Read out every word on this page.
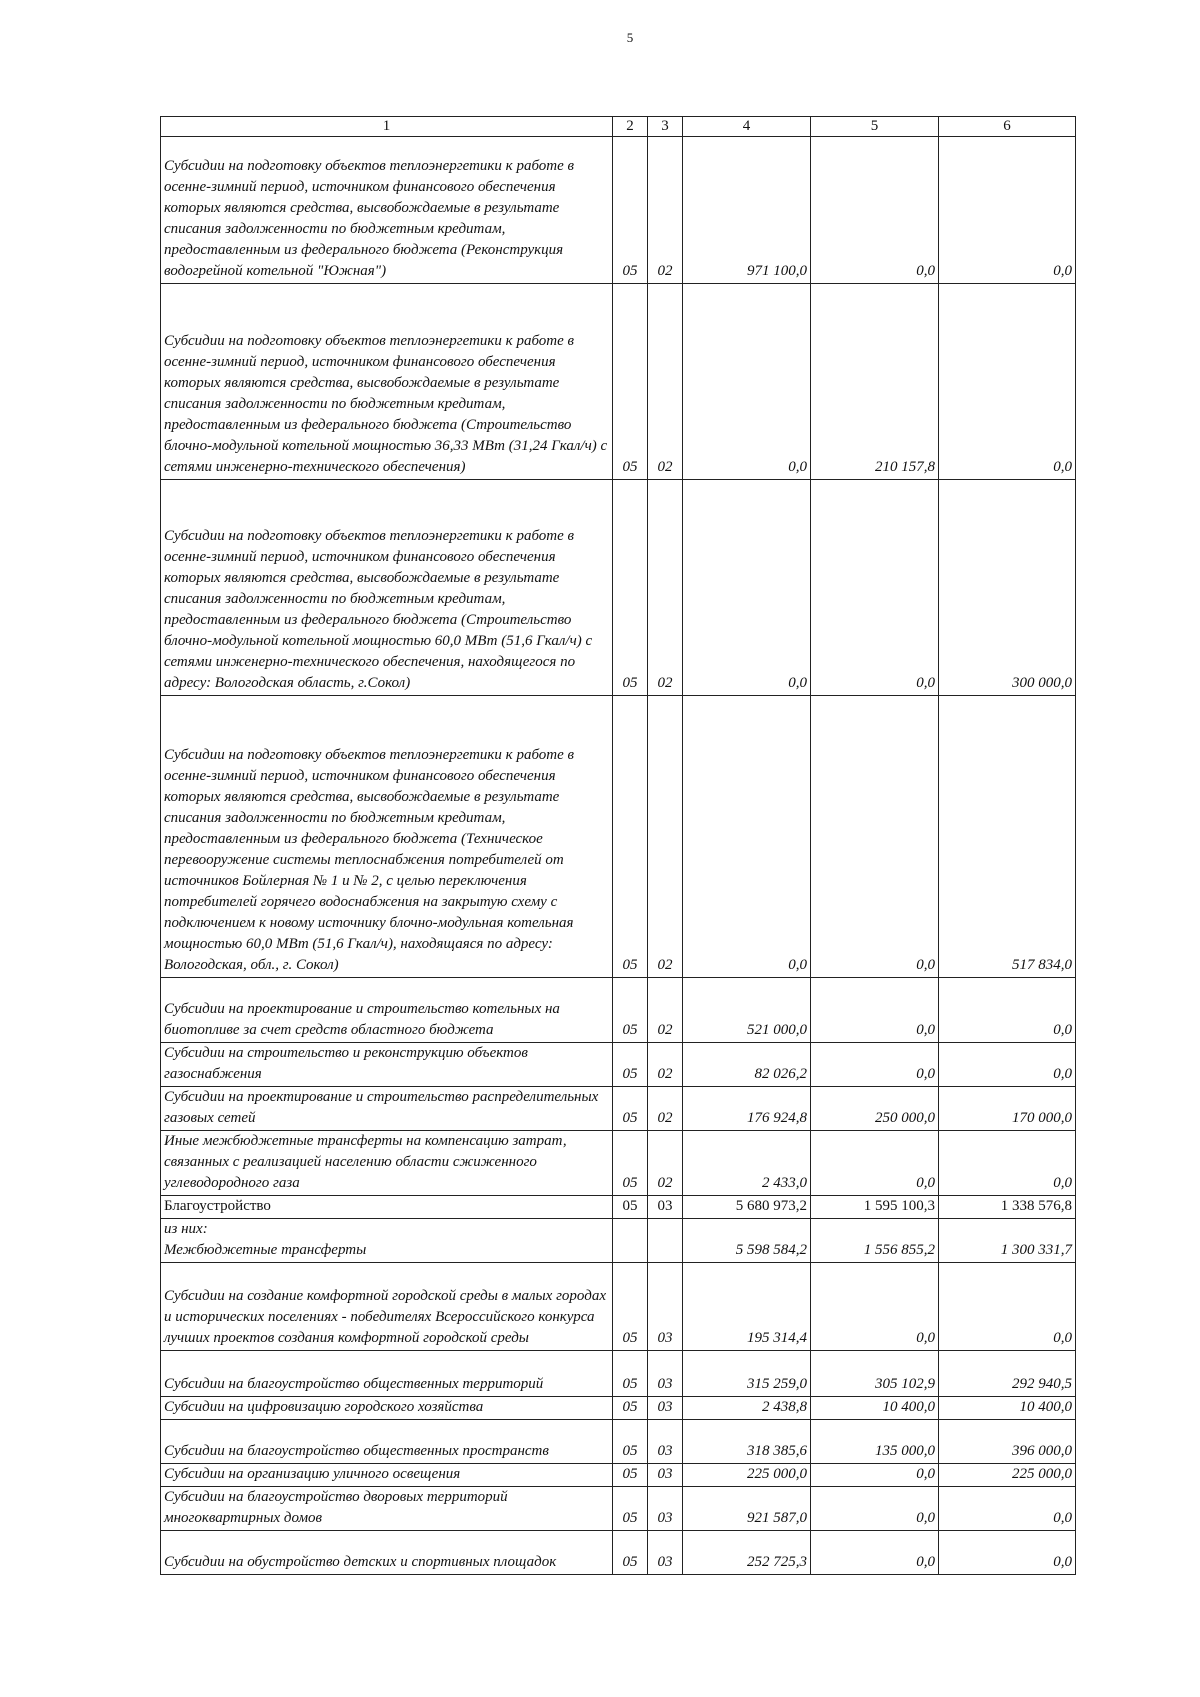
5
1	2	3	4	5	6
Субсидии на подготовку объектов теплоэнергетики к работе в осенне-зимний период, источником финансового обеспечения которых являются средства, высвобождаемые в результате списания задолженности по бюджетным кредитам, предоставленным из федерального бюджета (Реконструкция водогрейной котельной "Южная")	05	02	971 100,0	0,0	0,0
Субсидии на подготовку объектов теплоэнергетики к работе в осенне-зимний период, источником финансового обеспечения которых являются средства, высвобождаемые в результате списания задолженности по бюджетным кредитам, предоставленным из федерального бюджета (Строительство блочно-модульной котельной мощностью 36,33 МВт (31,24 Гкал/ч) с сетями инженерно-технического обеспечения)	05	02	0,0	210 157,8	0,0
Субсидии на подготовку объектов теплоэнергетики к работе в осенне-зимний период, источником финансового обеспечения которых являются средства, высвобождаемые в результате списания задолженности по бюджетным кредитам, предоставленным из федерального бюджета (Строительство блочно-модульной котельной мощностью 60,0 МВт (51,6 Гкал/ч) с сетями инженерно-технического обеспечения, находящегося по адресу: Вологодская область, г.Сокол)	05	02	0,0	0,0	300 000,0
Субсидии на подготовку объектов теплоэнергетики к работе в осенне-зимний период, источником финансового обеспечения которых являются средства, высвобождаемые в результате списания задолженности по бюджетным кредитам, предоставленным из федерального бюджета (Техническое перевооружение системы теплоснабжения потребителей от источников Бойлерная № 1 и № 2, с целью переключения потребителей горячего водоснабжения на закрытую схему с подключением к новому источнику блочно-модульная котельная мощностью 60,0 МВт (51,6 Гкал/ч), находящаяся по адресу: Вологодская, обл., г. Сокол)	05	02	0,0	0,0	517 834,0
Субсидии на проектирование и строительство котельных на биотопливе за счет средств областного бюджета	05	02	521 000,0	0,0	0,0
Субсидии на строительство и реконструкцию объектов газоснабжения	05	02	82 026,2	0,0	0,0
Субсидии на проектирование и строительство распределительных газовых сетей	05	02	176 924,8	250 000,0	170 000,0
Иные межбюджетные трансферты на компенсацию затрат, связанных с реализацией населению области сжиженного углеводородного газа	05	02	2 433,0	0,0	0,0
Благоустройство	05	03	5 680 973,2	1 595 100,3	1 338 576,8

из них:
Межбюджетные трансферты			5 598 584,2	1 556 855,2	1 300 331,7
Субсидии на создание комфортной городской среды в малых городах и исторических поселениях - победителях Всероссийского конкурса лучших проектов создания комфортной городской среды	05	03	195 314,4	0,0	0,0
Субсидии на благоустройство общественных территорий	05	03	315 259,0	305 102,9	292 940,5
Субсидии на цифровизацию городского хозяйства	05	03	2 438,8	10 400,0	10 400,0
Субсидии на благоустройство общественных пространств	05	03	318 385,6	135 000,0	396 000,0
Субсидии на организацию уличного освещения	05	03	225 000,0	0,0	225 000,0
Субсидии на благоустройство дворовых территорий многоквартирных домов	05	03	921 587,0	0,0	0,0
Субсидии на обустройство детских и спортивных площадок	05	03	252 725,3	0,0	0,0
